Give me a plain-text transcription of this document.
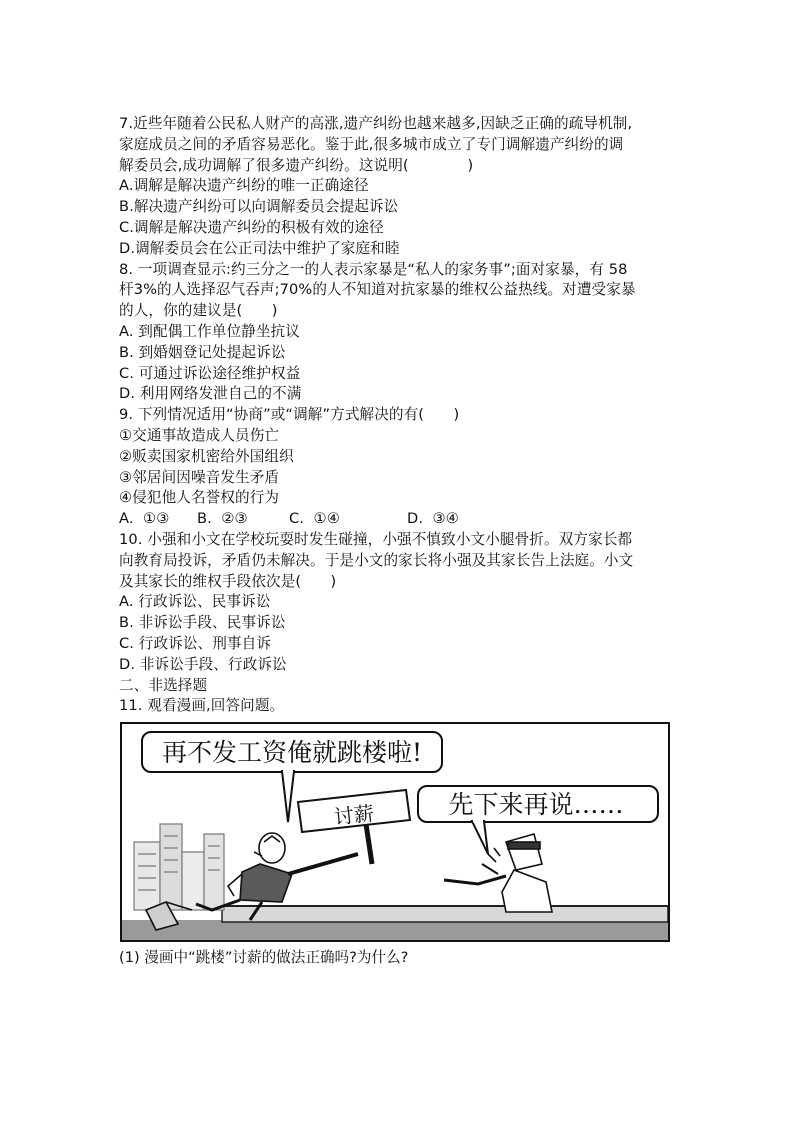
7.近些年随着公民私人财产的高涨,遗产纠纷也越来越多,因缺乏正确的疏导机制,
家庭成员之间的矛盾容易恶化。鉴于此,很多城市成立了专门调解遗产纠纷的调
解委员会,成功调解了很多遗产纠纷。这说明(　　　　)
A.调解是解决遗产纠纷的唯一正确途径
B.解决遗产纠纷可以向调解委员会提起诉讼
C.调解是解决遗产纠纷的积极有效的途径
D.调解委员会在公正司法中维护了家庭和睦
8. 一项调查显示:约三分之一的人表示家暴是“私人的家务事”;面对家暴，有 58
杆3%的人选择忍气吞声;70%的人不知道对抗家暴的维权公益热线。对遭受家暴
的人，你的建议是(　　)
A. 到配偶工作单位静坐抗议
B. 到婚姻登记处提起诉讼
C. 可通过诉讼途径维护权益
D. 利用网络发泄自己的不满
9. 下列情况适用“协商”或“调解”方式解决的有(　　)
①交通事故造成人员伤亡
②贩卖国家机密给外国组织
③邻居间因噪音发生矛盾
④侵犯他人名誉权的行为
A.  ①③ B.  ②③	C.  ①④	D.  ③④
10. 小强和小文在学校玩耍时发生碰撞，小强不慎致小文小腿骨折。双方家长都
向教育局投诉，矛盾仍未解决。于是小文的家长将小强及其家长告上法庭。小文
及其家长的维权手段依次是(　　)
A. 行政诉讼、民事诉讼
B. 非诉讼手段、民事诉讼
C. 行政诉讼、刑事自诉
D. 非诉讼手段、行政诉讼
二、非选择题
11. 观看漫画,回答问题。
再不发工资俺就跳楼啦!
先下来再说……
讨薪
(1) 漫画中“跳楼”讨薪的做法正确吗?为什么?
